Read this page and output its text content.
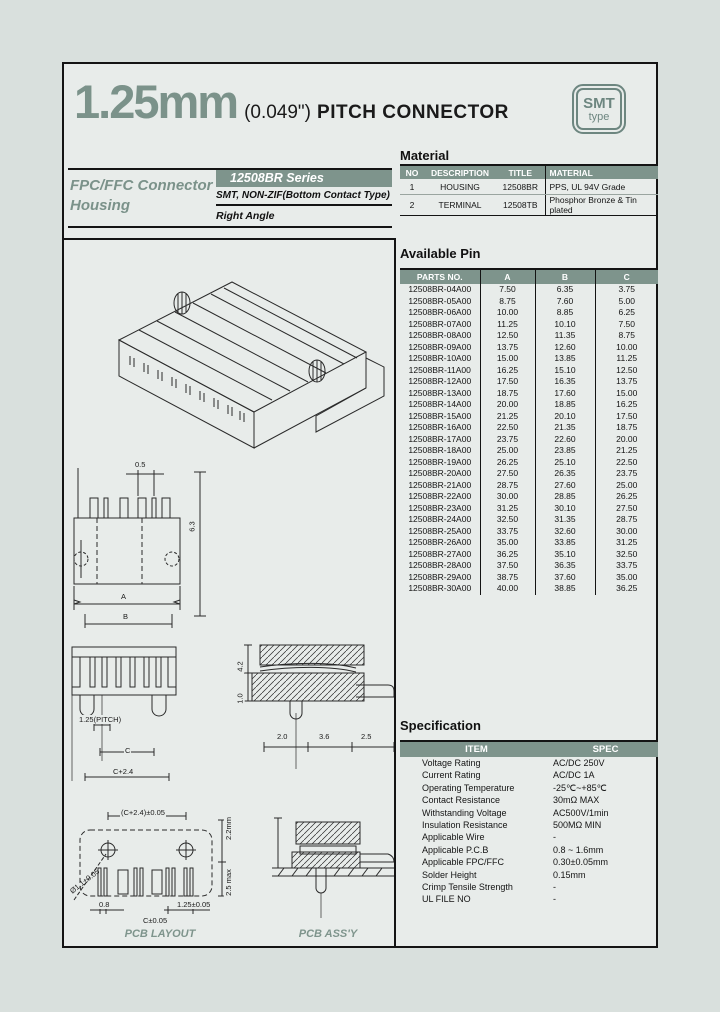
1.25mm (0.049") PITCH CONNECTOR	SMT
type
FPC/FFC Connector Housing
12508BR Series
SMT, NON-ZIF(Bottom Contact Type)
Right Angle
Material
NO	DESCRIPTION	TITLE	MATERIAL
1	HOUSING	12508BR	PPS, UL 94V Grade
2	TERMINAL	12508TB	Phosphor Bronze & Tin plated
Available Pin
PARTS NO.	A	B	C
12508BR-04A00	7.50	6.35	3.75
12508BR-05A00	8.75	7.60	5.00
12508BR-06A00	10.00	8.85	6.25
12508BR-07A00	11.25	10.10	7.50
12508BR-08A00	12.50	11.35	8.75
12508BR-09A00	13.75	12.60	10.00
12508BR-10A00	15.00	13.85	11.25
12508BR-11A00	16.25	15.10	12.50
12508BR-12A00	17.50	16.35	13.75
12508BR-13A00	18.75	17.60	15.00
12508BR-14A00	20.00	18.85	16.25
12508BR-15A00	21.25	20.10	17.50
12508BR-16A00	22.50	21.35	18.75
12508BR-17A00	23.75	22.60	20.00
12508BR-18A00	25.00	23.85	21.25
12508BR-19A00	26.25	25.10	22.50
12508BR-20A00	27.50	26.35	23.75
12508BR-21A00	28.75	27.60	25.00
12508BR-22A00	30.00	28.85	26.25
12508BR-23A00	31.25	30.10	27.50
12508BR-24A00	32.50	31.35	28.75
12508BR-25A00	33.75	32.60	30.00
12508BR-26A00	35.00	33.85	31.25
12508BR-27A00	36.25	35.10	32.50
12508BR-28A00	37.50	36.35	33.75
12508BR-29A00	38.75	37.60	35.00
12508BR-30A00	40.00	38.85	36.25
Specification
ITEM	SPEC
Voltage Rating	AC/DC 250V
Current Rating	AC/DC 1A
Operating Temperature	-25℃~+85℃
Contact Resistance	30mΩ MAX
Withstanding Voltage	AC500V/1min
Insulation Resistance	500MΩ MIN
Applicable Wire	-
Applicable P.C.B	0.8 ~ 1.6mm
Applicable FPC/FFC	0.30±0.05mm
Solder Height	0.15mm
Crimp Tensile Strength	-
UL FILE NO	-
0.5
A
B
6.3
1.25(PITCH)
C
C+2.4
4.2
1.0
2.0	3.6	2.5
(C+2.4)±0.05
2.2mm
2.5 max
0.8	1.25±0.05
C±0.05
Ø1.1±0.05
PCB LAYOUT	PCB ASS'Y
